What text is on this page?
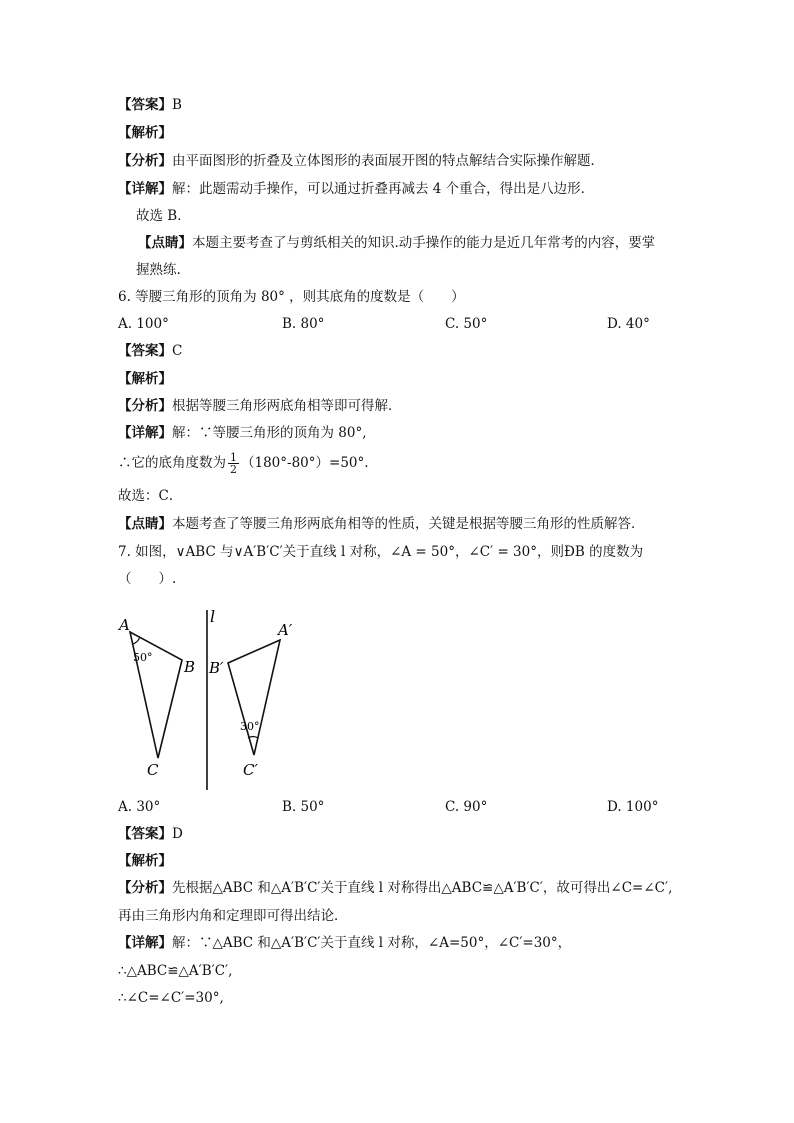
【答案】B
【解析】
【分析】由平面图形的折叠及立体图形的表面展开图的特点解结合实际操作解题．
【详解】解：此题需动手操作，可以通过折叠再减去 4 个重合，得出是八边形．
故选 B．
【点睛】本题主要考查了与剪纸相关的知识.动手操作的能力是近几年常考的内容，要掌
握熟练.
6. 等腰三角形的顶角为 80° ，则其底角的度数是（　　）
A. 100°	B. 80°	C. 50°	D. 40°
【答案】C
【解析】
【分析】根据等腰三角形两底角相等即可得解．
【详解】解：∵等腰三角形的顶角为 80°,
∴它的底角度数为 $\frac{1}{2} (180^\circ-80^\circ)=50^\circ$.
故选：C．
【点睛】本题考查了等腰三角形两底角相等的性质，关键是根据等腰三角形的性质解答．
7. 如图，∨ABC 与∨A′B′C′关于直线 l 对称，∠A = 50°，∠C′ = 30°，则ÐB 的度数为
（　　）.
l
A
B
C
50°
A′
B′
C′
30°
A. 30°	B. 50°	C. 90°	D. 100°
【答案】D
【解析】
【分析】先根据△ABC 和△A′B′C′关于直线 l 对称得出△ABC≌△A′B′C′，故可得出∠C=∠C′,
再由三角形内角和定理即可得出结论．
【详解】解：∵△ABC 和△A′B′C′关于直线 l 对称，∠A=50°，∠C′=30°，
∴△ABC≌△A′B′C′,
∴∠C=∠C′=30°,
